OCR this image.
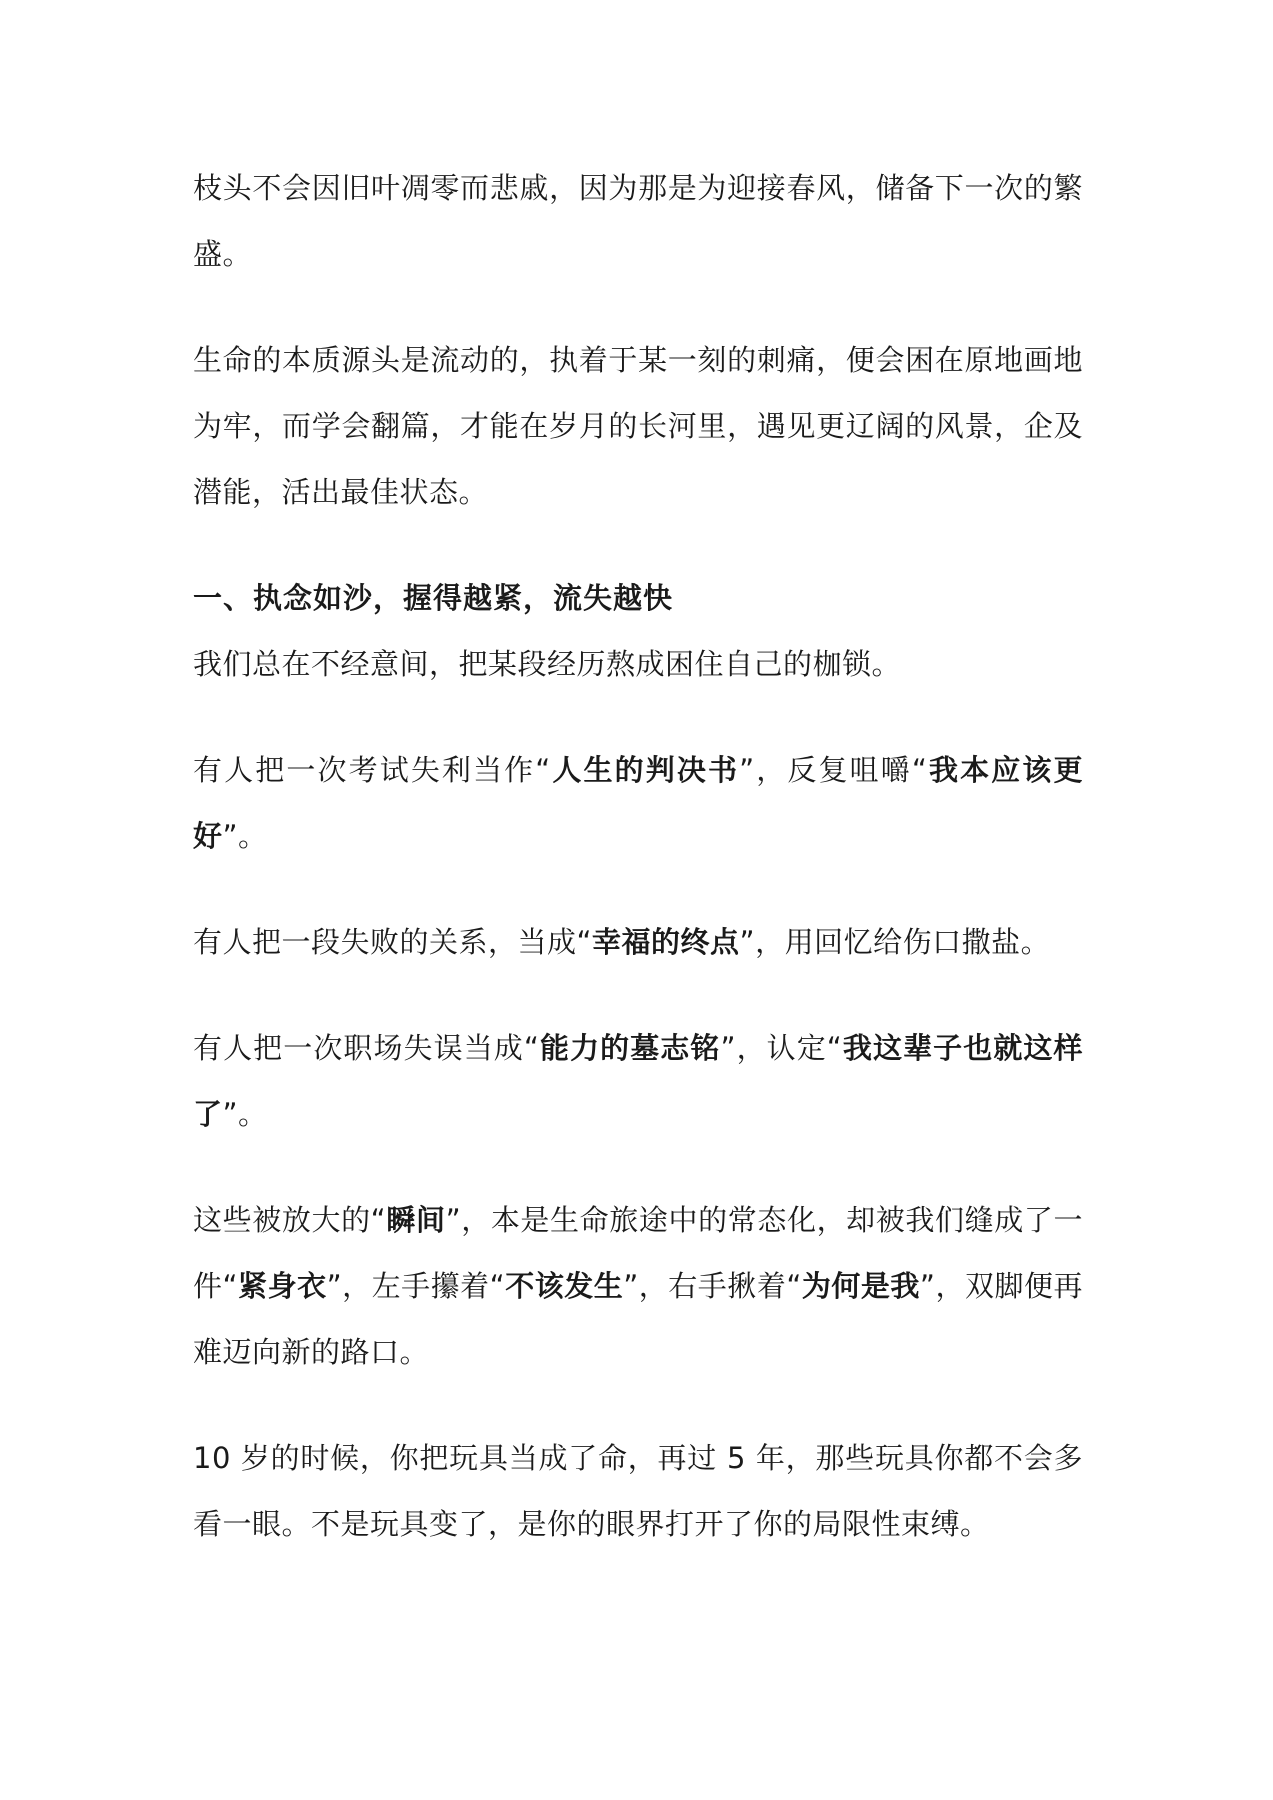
枝头不会因旧叶凋零而悲戚，因为那是为迎接春风，储备下一次的繁盛。

生命的本质源头是流动的，执着于某一刻的刺痛，便会困在原地画地为牢，而学会翻篇，才能在岁月的长河里，遇见更辽阔的风景，企及潜能，活出最佳状态。

一、执念如沙，握得越紧，流失越快

我们总在不经意间，把某段经历熬成困住自己的枷锁。

有人把一次考试失利当作“人生的判决书”，反复咀嚼“我本应该更好”。

有人把一段失败的关系，当成“幸福的终点”，用回忆给伤口撒盐。

有人把一次职场失误当成“能力的墓志铭”，认定“我这辈子也就这样了”。

这些被放大的“瞬间”，本是生命旅途中的常态化，却被我们缝成了一件“紧身衣”，左手攥着“不该发生”，右手揪着“为何是我”，双脚便再难迈向新的路口。

10 岁的时候，你把玩具当成了命，再过 5 年，那些玩具你都不会多看一眼。不是玩具变了，是你的眼界打开了你的局限性束缚。
